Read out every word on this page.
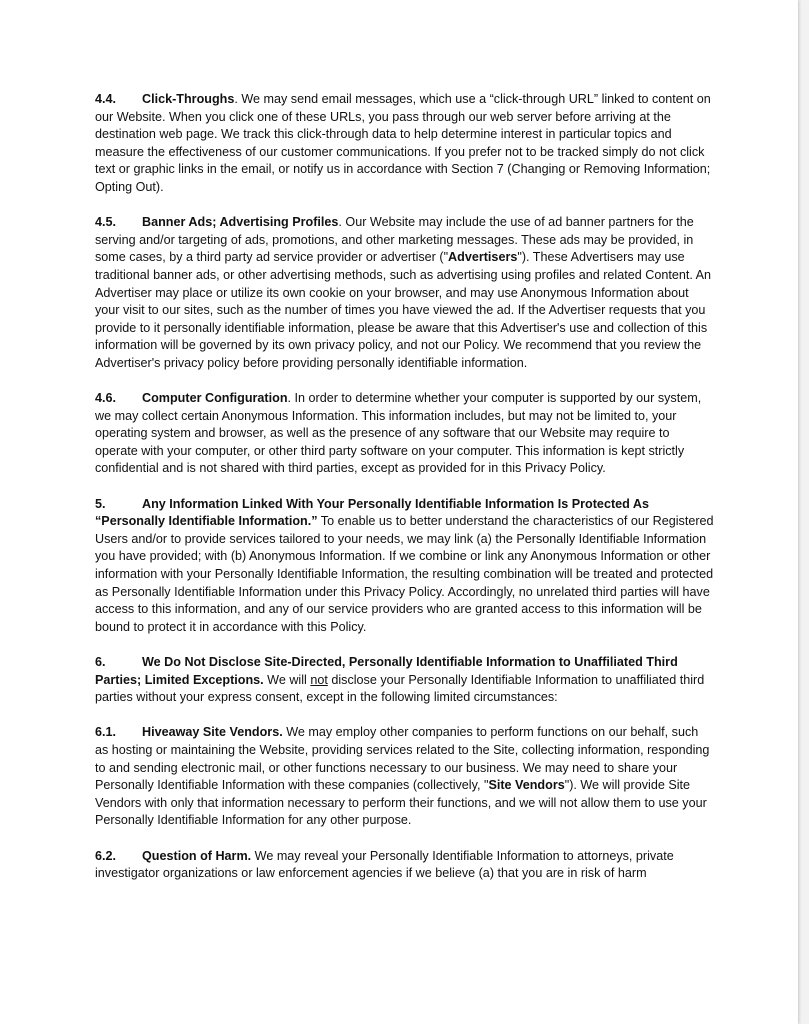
4.4. Click-Throughs. We may send email messages, which use a “click-through URL” linked to content on our Website. When you click one of these URLs, you pass through our web server before arriving at the destination web page. We track this click-through data to help determine interest in particular topics and measure the effectiveness of our customer communications. If you prefer not to be tracked simply do not click text or graphic links in the email, or notify us in accordance with Section 7 (Changing or Removing Information; Opting Out).

4.5. Banner Ads; Advertising Profiles. Our Website may include the use of ad banner partners for the serving and/or targeting of ads, promotions, and other marketing messages. These ads may be provided, in some cases, by a third party ad service provider or advertiser ("Advertisers"). These Advertisers may use traditional banner ads, or other advertising methods, such as advertising using profiles and related Content. An Advertiser may place or utilize its own cookie on your browser, and may use Anonymous Information about your visit to our sites, such as the number of times you have viewed the ad. If the Advertiser requests that you provide to it personally identifiable information, please be aware that this Advertiser's use and collection of this information will be governed by its own privacy policy, and not our Policy. We recommend that you review the Advertiser's privacy policy before providing personally identifiable information.

4.6. Computer Configuration. In order to determine whether your computer is supported by our system, we may collect certain Anonymous Information. This information includes, but may not be limited to, your operating system and browser, as well as the presence of any software that our Website may require to operate with your computer, or other third party software on your computer. This information is kept strictly confidential and is not shared with third parties, except as provided for in this Privacy Policy.

5.	Any Information Linked With Your Personally Identifiable Information Is Protected As “Personally Identifiable Information.” To enable us to better understand the characteristics of our Registered Users and/or to provide services tailored to your needs, we may link (a) the Personally Identifiable Information you have provided; with (b) Anonymous Information. If we combine or link any Anonymous Information or other information with your Personally Identifiable Information, the resulting combination will be treated and protected as Personally Identifiable Information under this Privacy Policy. Accordingly, no unrelated third parties will have access to this information, and any of our service providers who are granted access to this information will be bound to protect it in accordance with this Policy.

6.	We Do Not Disclose Site-Directed, Personally Identifiable Information to Unaffiliated Third Parties; Limited Exceptions. We will not disclose your Personally Identifiable Information to unaffiliated third parties without your express consent, except in the following limited circumstances:

6.1. Hiveaway Site Vendors. We may employ other companies to perform functions on our behalf, such as hosting or maintaining the Website, providing services related to the Site, collecting information, responding to and sending electronic mail, or other functions necessary to our business. We may need to share your Personally Identifiable Information with these companies (collectively, "Site Vendors"). We will provide Site Vendors with only that information necessary to perform their functions, and we will not allow them to use your Personally Identifiable Information for any other purpose.

6.2. Question of Harm. We may reveal your Personally Identifiable Information to attorneys, private investigator organizations or law enforcement agencies if we believe (a) that you are in risk of harm
